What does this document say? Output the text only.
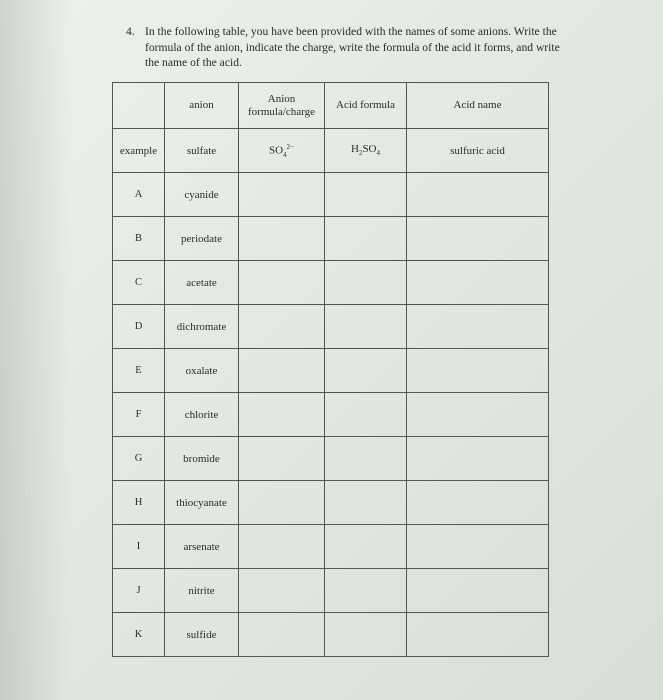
4. In the following table, you have been provided with the names of some anions. Write the formula of the anion, indicate the charge, write the formula of the acid it forms, and write the name of the acid.
	anion	Anion formula/charge	Acid formula	Acid name
example	sulfate	$SO_4^{2-}$	$H_2SO_4$	sulfuric acid
A	cyanide			
B	periodate			
C	acetate			
D	dichromate			
E	oxalate			
F	chlorite			
G	bromide			
H	thiocyanate			
I	arsenate			
J	nitrite			
K	sulfide			
